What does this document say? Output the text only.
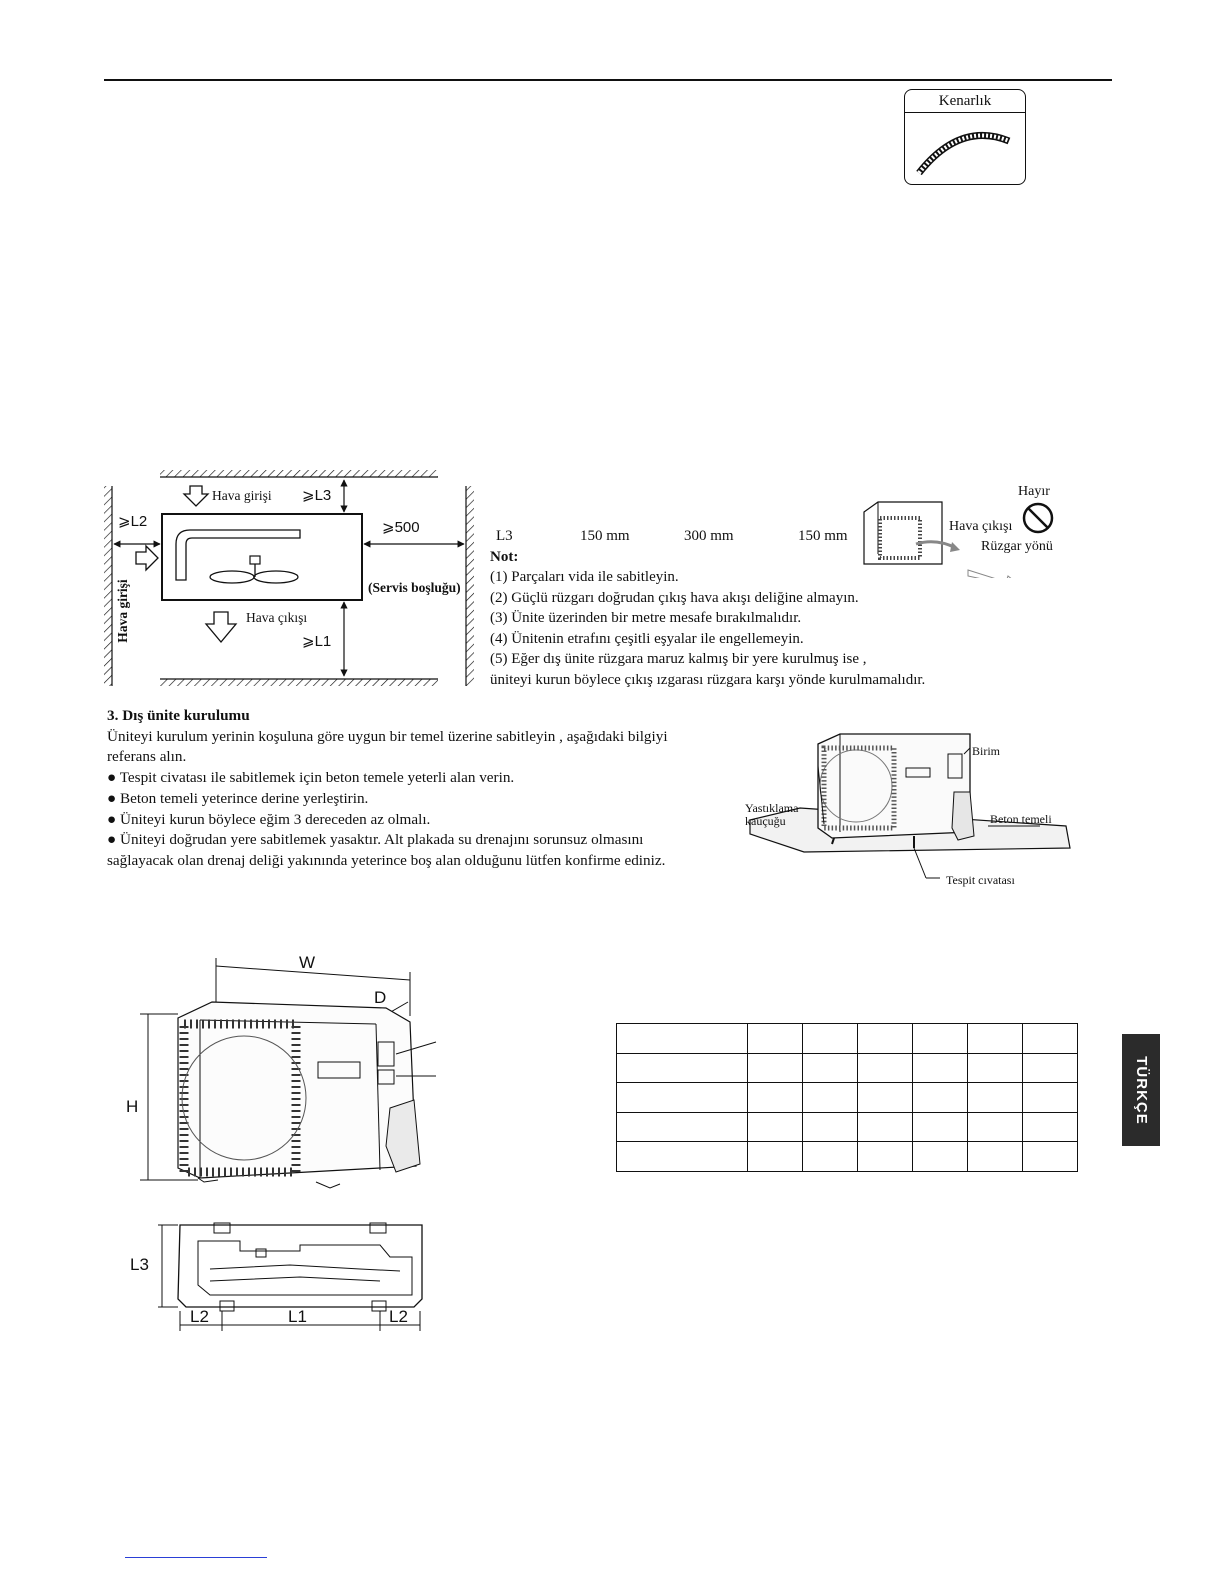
Kenarlık
Hava girişi ⩾L3
⩾L2	⩾500
(Servis boşluğu)
Hava çıkışı
⩾L1
Hava girişi
Hayır
Hava çıkışı
Rüzgar yönü
L3	150 mm	300 mm	150 mm

Not:

(1) Parçaları vida ile sabitleyin.

(2) Güçlü rüzgarı doğrudan çıkış hava akışı deliğine almayın.

(3) Ünite üzerinden bir metre mesafe bırakılmalıdır.

(4) Ünitenin etrafını çeşitli eşyalar ile engellemeyin.

(5) Eğer dış ünite rüzgara maruz kalmış bir yere kurulmuş ise ,

üniteyi kurun böylece çıkış ızgarası rüzgara karşı yönde kurulmamalıdır.

3. Dış ünite kurulumu

Üniteyi kurulum yerinin koşuluna göre uygun bir temel üzerine sabitleyin , aşağıdaki bilgiyi

referans alın.

● Tespit civatası ile sabitlemek için beton temele yeterli alan verin.

● Beton temeli yeterince derine yerleştirin.

● Üniteyi kurun böylece eğim 3 dereceden az olmalı.

● Üniteyi doğrudan yere sabitlemek yasaktır. Alt plakada su drenajını sorunsuz olmasını

sağlayacak olan drenaj deliği yakınında yeterince boş alan olduğunu lütfen konfirme ediniz.

Birim
Yastıklama
kauçuğu	Beton temeli
Tespit cıvatası
W
D
H
L3
L2	L1	L2

TÜRKÇE
